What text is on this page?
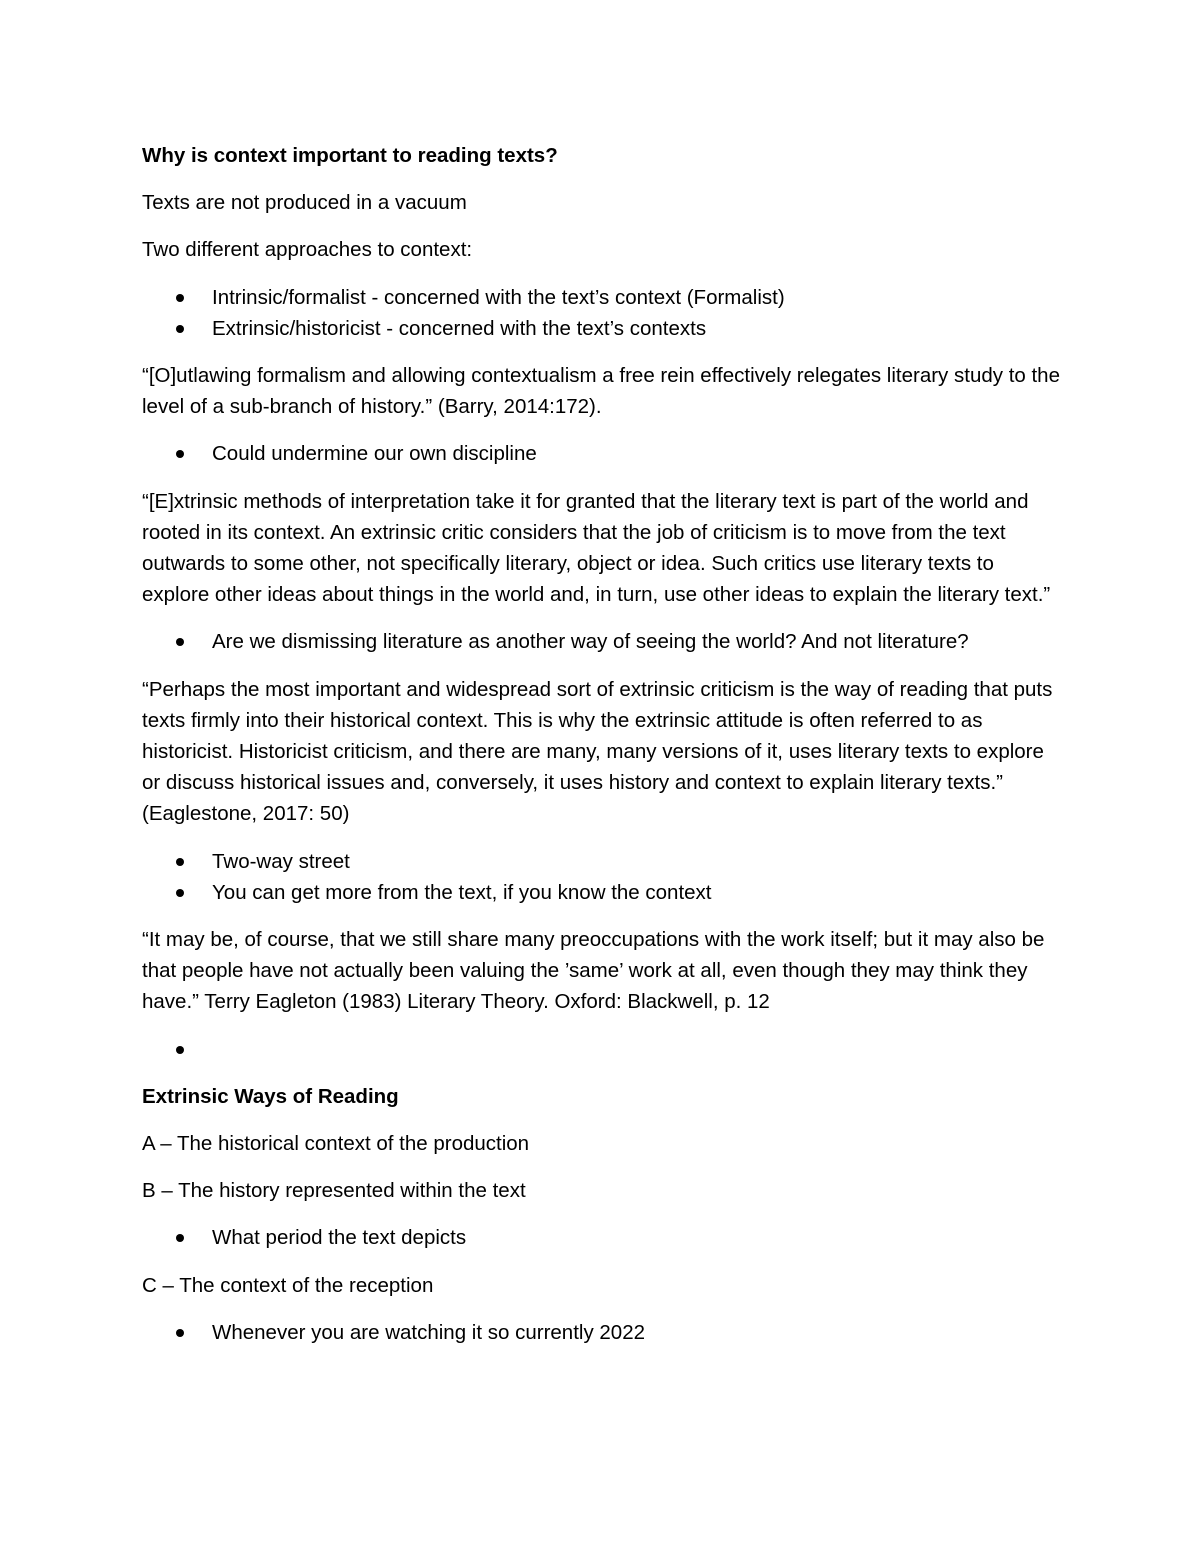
Why is context important to reading texts?

Texts are not produced in a vacuum

Two different approaches to context:

Intrinsic/formalist - concerned with the text’s context (Formalist)
Extrinsic/historicist - concerned with the text’s contexts

“[O]utlawing formalism and allowing contextualism a free rein effectively relegates literary study to the level of a sub-branch of history.” (Barry, 2014:172).

Could undermine our own discipline

“[E]xtrinsic methods of interpretation take it for granted that the literary text is part of the world and rooted in its context. An extrinsic critic considers that the job of criticism is to move from the text outwards to some other, not specifically literary, object or idea. Such critics use literary texts to explore other ideas about things in the world and, in turn, use other ideas to explain the literary text.”

Are we dismissing literature as another way of seeing the world? And not literature?

“Perhaps the most important and widespread sort of extrinsic criticism is the way of reading that puts texts firmly into their historical context. This is why the extrinsic attitude is often referred to as historicist. Historicist criticism, and there are many, many versions of it, uses literary texts to explore or discuss historical issues and, conversely, it uses history and context to explain literary texts.” (Eaglestone, 2017: 50)

Two-way street
You can get more from the text, if you know the context

“It may be, of course, that we still share many preoccupations with the work itself; but it may also be that people have not actually been valuing the ’same’ work at all, even though they may think they have.” Terry Eagleton (1983) Literary Theory. Oxford: Blackwell, p. 12

Extrinsic Ways of Reading

A – The historical context of the production

B – The history represented within the text

What period the text depicts

C – The context of the reception

Whenever you are watching it so currently 2022
